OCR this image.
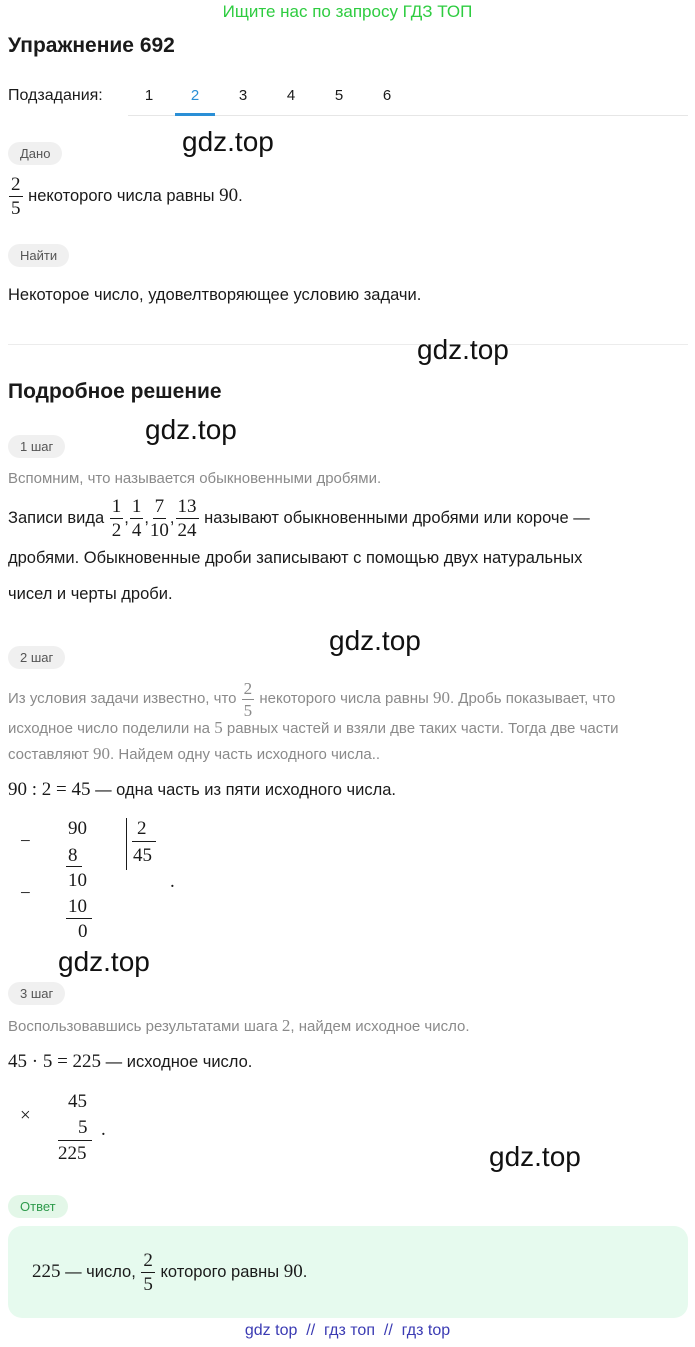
Ищите нас по запросу ГДЗ ТОП
Упражнение 692
Подзадания:	1	2	3	4	5	6
Дано	gdz.top
$\frac{2}{5}$ некоторого числа равны 90.
Найти
Некоторое число, удовелтворяющее условию задачи.
gdz.top
Подробное решение
1 шаг
gdz.top
Вспомним, что называется обыкновенными дробями.
Записи вида $\frac{1}{2}$ , $\frac{1}{4}$ , $\frac{7}{10}$ , $\frac{13}{24}$ называют обыкновенными дробями или короче —
дробями. Обыкновенные дроби записывают с помощью двух натуральных
чисел и черты дроби.
gdz.top
2 шаг
Из условия задачи известно, что $\frac{2}{5}$ некоторого числа равны 90. Дробь показывает, что
исходное число поделили на 5 равных частей и взяли две таких части. Тогда две части
составляют 90. Найдем одну часть исходного числа..
90 : 2 = 45 — одна часть из пяти исходного числа.
−
90
8
−
10
10
0
2
45
.
gdz.top
3 шаг
Воспользовавшись результатами шага 2, найдем исходное число.
45 · 5 = 225 — исходное число.
×
45
5
225
.
gdz.top
Ответ
225 — число, $\frac{2}{5}$ которого равны 90.
gdz top  //  гдз топ  //  гдз top
